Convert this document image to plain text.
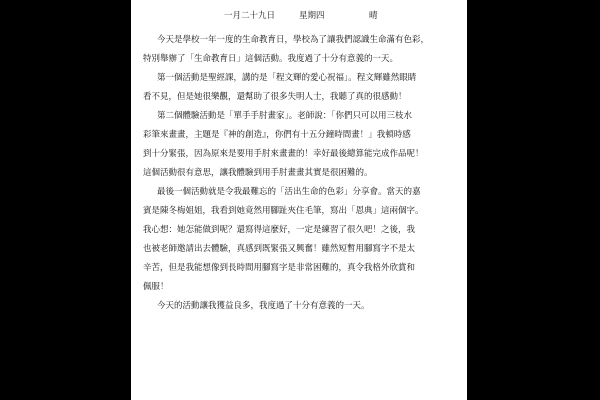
一月二十九日	星期四	晴
今天是學校一年一度的生命教育日，學校為了讓我們認識生命滿有色彩，
特別舉辦了「生命教育日」這個活動。我度過了十分有意義的一天。
第一個活動是聖經課，講的是「程文輝的愛心祝福」。程文輝雖然眼睛
看不見，但是她很樂觀，還幫助了很多失明人士，我聽了真的很感動！
第二個體驗活動是「單手手肘畫家」。老師說：「你們只可以用三枝水
彩筆來畫畫，主題是『神的創造』，你們有十五分鐘時間畫！」我頓時感
到十分緊張，因為原來是要用手肘來畫畫的！幸好最後總算能完成作品呢！
這個活動很有意思，讓我體驗到用手肘畫畫其實是很困難的。
最後一個活動就是令我最難忘的「活出生命的色彩」分享會。當天的嘉
賓是陳冬梅姐姐，我看到她竟然用腳趾夾住毛筆，寫出「恩典」這兩個字。
我心想：她怎能做到呢？還寫得這麼好，一定是練習了很久吧！之後，我
也被老師邀請出去體驗，真感到既緊張又興奮！雖然短暫用腳寫字不是太
辛苦，但是我能想像到長時間用腳寫字是非常困難的，真令我格外欣賞和
佩服！
今天的活動讓我獲益良多，我度過了十分有意義的一天。
